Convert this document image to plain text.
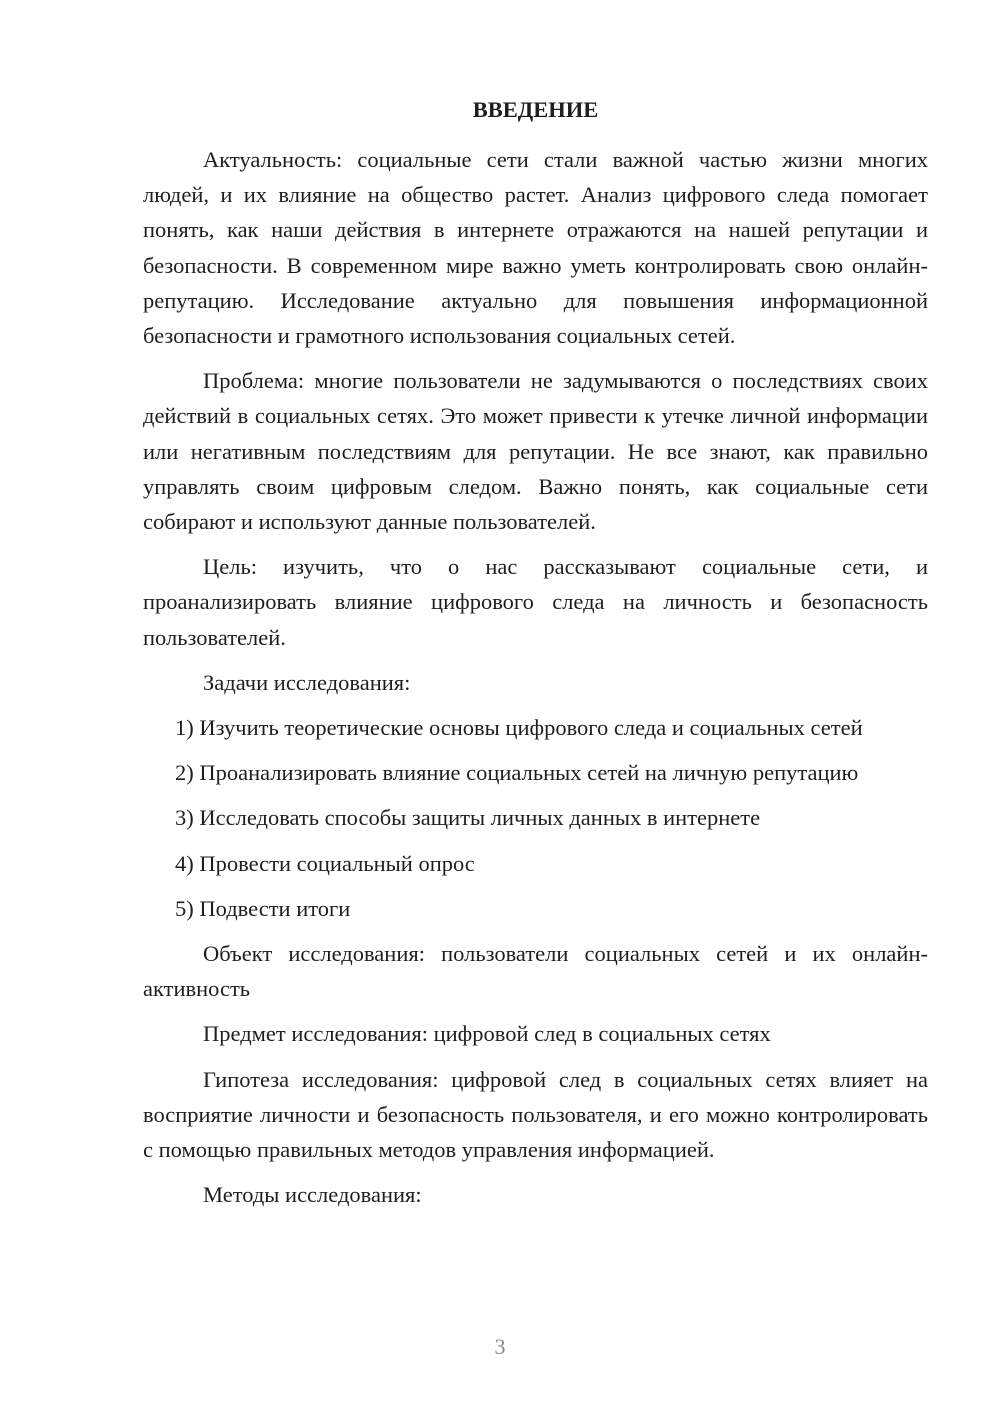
ВВЕДЕНИЕ

Актуальность: социальные сети стали важной частью жизни многих людей, и их влияние на общество растет. Анализ цифрового следа помогает понять, как наши действия в интернете отражаются на нашей репутации и безопасности. В современном мире важно уметь контролировать свою онлайн-репутацию. Исследование актуально для повышения информационной безопасности и грамотного использования социальных сетей.

Проблема: многие пользователи не задумываются о последствиях своих действий в социальных сетях. Это может привести к утечке личной информации или негативным последствиям для репутации. Не все знают, как правильно управлять своим цифровым следом. Важно понять, как социальные сети собирают и используют данные пользователей.

Цель: изучить, что о нас рассказывают социальные сети, и проанализировать влияние цифрового следа на личность и безопасность пользователей.

Задачи исследования:

1) Изучить теоретические основы цифрового следа и социальных сетей
2) Проанализировать влияние социальных сетей на личную репутацию
3) Исследовать способы защиты личных данных в интернете
4) Провести социальный опрос
5) Подвести итоги

Объект исследования: пользователи социальных сетей и их онлайн-активность

Предмет исследования: цифровой след в социальных сетях

Гипотеза исследования: цифровой след в социальных сетях влияет на восприятие личности и безопасность пользователя, и его можно контролировать с помощью правильных методов управления информацией.

Методы исследования:

3
